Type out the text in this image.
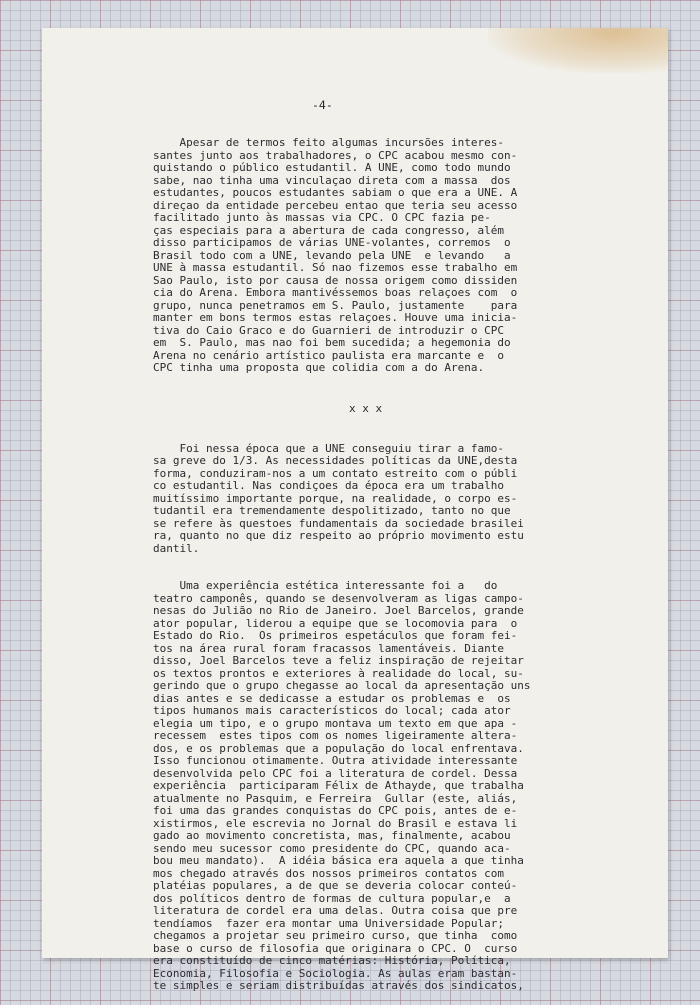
-4-

Apesar de termos feito algumas incursões interes-
santes junto aos trabalhadores, o CPC acabou mesmo con-
quistando o público estudantil. A UNE, como todo mundo
sabe, nao tinha uma vinculaçao direta com a massa  dos
estudantes, poucos estudantes sabiam o que era a UNE. A
direçao da entidade percebeu entao que teria seu acesso
facilitado junto às massas via CPC. O CPC fazia pe-
ças especiais para a abertura de cada congresso, além
disso participamos de várias UNE-volantes, corremos  o
Brasil todo com a UNE, levando pela UNE  e levando   a
UNE à massa estudantil. Só nao fizemos esse trabalho em
Sao Paulo, isto por causa de nossa origem como dissiden
cia do Arena. Embora mantivéssemos boas relaçoes com  o
grupo, nunca penetramos em S. Paulo, justamente    para
manter em bons termos estas relaçoes. Houve uma inicia-
tiva do Caio Graco e do Guarnieri de introduzir o CPC
em  S. Paulo, mas nao foi bem sucedida; a hegemonia do
Arena no cenário artístico paulista era marcante e  o
CPC tinha uma proposta que colidia com a do Arena.

x x x

Foi nessa época que a UNE conseguiu tirar a famo-
sa greve do 1/3. As necessidades políticas da UNE,desta
forma, conduziram-nos a um contato estreito com o públi
co estudantil. Nas condiçoes da época era um trabalho
muitíssimo importante porque, na realidade, o corpo es-
tudantil era tremendamente despolitizado, tanto no que
se refere às questoes fundamentais da sociedade brasilei
ra, quanto no que diz respeito ao próprio movimento estu
dantil.

Uma experiência estética interessante foi a   do
teatro camponês, quando se desenvolveram as ligas campo-
nesas do Julião no Rio de Janeiro. Joel Barcelos, grande
ator popular, liderou a equipe que se locomovia para  o
Estado do Rio.  Os primeiros espetáculos que foram fei-
tos na área rural foram fracassos lamentáveis. Diante
disso, Joel Barcelos teve a feliz inspiração de rejeitar
os textos prontos e exteriores à realidade do local, su-
gerindo que o grupo chegasse ao local da apresentação uns
dias antes e se dedicasse a estudar os problemas e  os
tipos humanos mais característicos do local; cada ator
elegia um tipo, e o grupo montava um texto em que apa -
recessem  estes tipos com os nomes ligeiramente altera-
dos, e os problemas que a população do local enfrentava.
Isso funcionou otimamente. Outra atividade interessante
desenvolvida pelo CPC foi a literatura de cordel. Dessa
experiência  participaram Félix de Athayde, que trabalha
atualmente no Pasquim, e Ferreira  Gullar (este, aliás,
foi uma das grandes conquistas do CPC pois, antes de e-
xistirmos, ele escrevia no Jornal do Brasil e estava li
gado ao movimento concretista, mas, finalmente, acabou
sendo meu sucessor como presidente do CPC, quando aca-
bou meu mandato).  A idéia básica era aquela a que tinha
mos chegado através dos nossos primeiros contatos com
platéias populares, a de que se deveria colocar conteú-
dos políticos dentro de formas de cultura popular,e  a
literatura de cordel era uma delas. Outra coisa que pre
tendíamos  fazer era montar uma Universidade Popular;
chegamos a projetar seu primeiro curso, que tinha  como
base o curso de filosofia que originara o CPC. O  curso
era constituído de cinco matérias: História, Política,
Economia, Filosofia e Sociologia. As aulas eram bastan-
te simples e seriam distribuídas através dos sindicatos,
